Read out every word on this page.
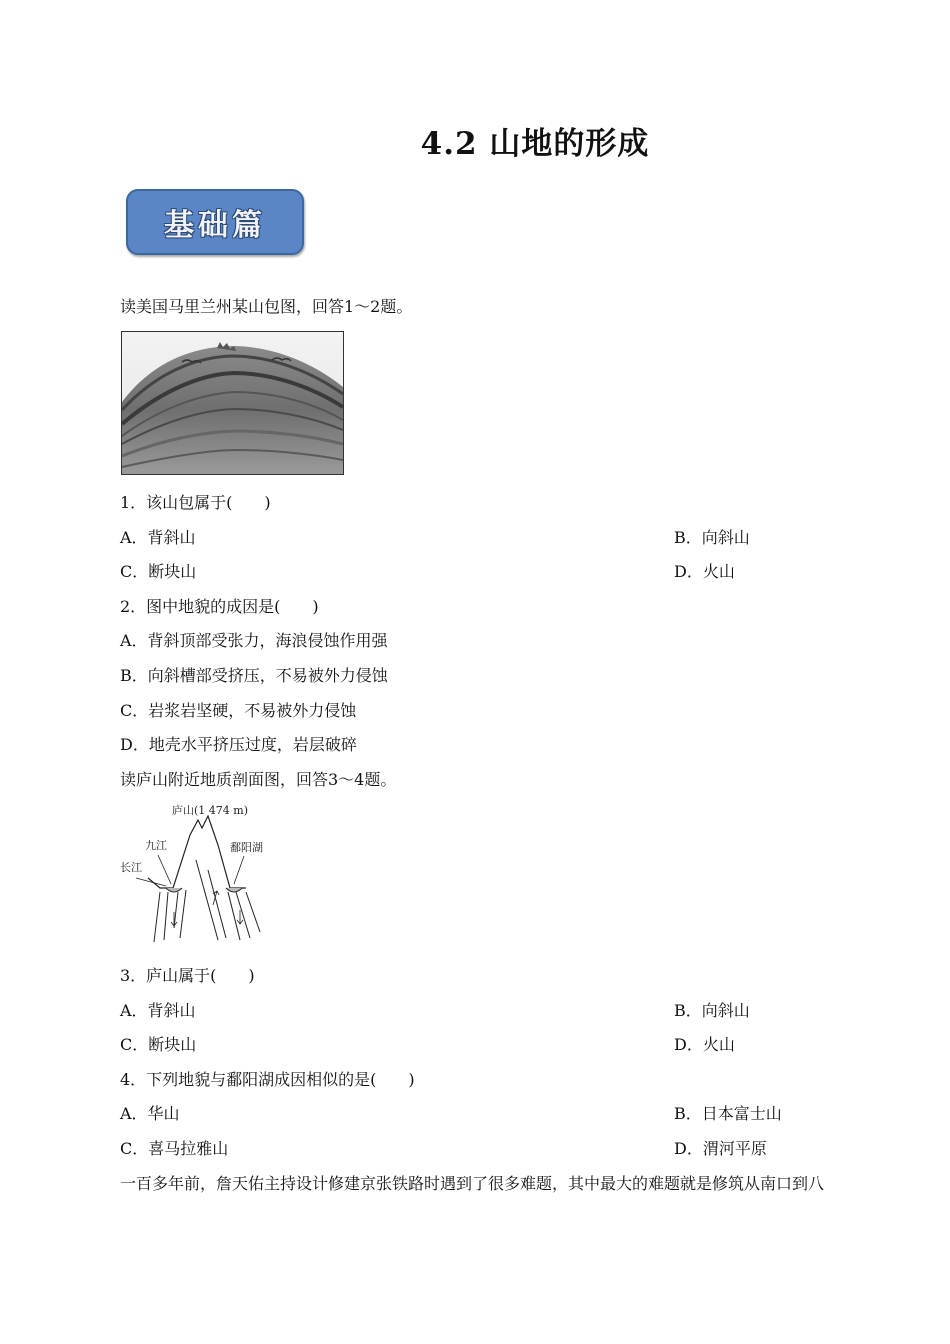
4.2 山地的形成
基础篇
读美国马里兰州某山包图，回答1～2题。
1．该山包属于(　　)
A．背斜山	B．向斜山
C．断块山	D．火山
2．图中地貌的成因是(　　)
A．背斜顶部受张力，海浪侵蚀作用强
B．向斜槽部受挤压，不易被外力侵蚀
C．岩浆岩坚硬，不易被外力侵蚀
D．地壳水平挤压过度，岩层破碎
读庐山附近地质剖面图，回答3～4题。
庐山(1 474 m)
九江
长江
鄱阳湖
3．庐山属于(　　)
A．背斜山	B．向斜山
C．断块山	D．火山
4．下列地貌与鄱阳湖成因相似的是(　　)
A．华山	B．日本富士山
C．喜马拉雅山	D．渭河平原
一百多年前，詹天佑主持设计修建京张铁路时遇到了很多难题，其中最大的难题就是修筑从南口到八
